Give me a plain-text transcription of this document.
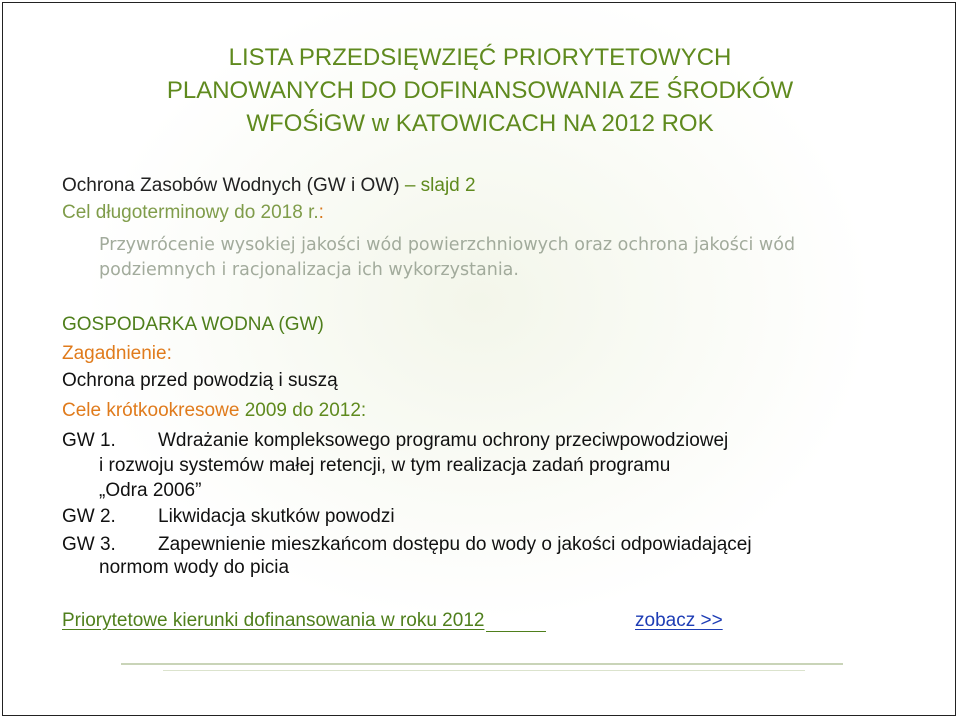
LISTA PRZEDSIĘWZIĘĆ PRIORYTETOWYCH
PLANOWANYCH DO DOFINANSOWANIA ZE ŚRODKÓW
WFOŚiGW w KATOWICACH NA 2012 ROK
Ochrona Zasobów Wodnych (GW i OW) – slajd 2
Cel długoterminowy do 2018 r.:
Przywrócenie wysokiej jakości wód powierzchniowych oraz ochrona jakości wód
podziemnych i racjonalizacja ich wykorzystania.
GOSPODARKA WODNA (GW)
Zagadnienie:
Ochrona przed powodzią i suszą
Cele krótkookresowe 2009 do 2012:
GW 1. Wdrażanie kompleksowego programu ochrony przeciwpowodziowej
i rozwoju systemów małej retencji, w tym realizacja zadań programu
„Odra 2006”
GW 2. Likwidacja skutków powodzi
GW 3. Zapewnienie mieszkańcom dostępu do wody o jakości odpowiadającej
normom wody do picia
Priorytetowe kierunki dofinansowania w roku 2012	zobacz >>
